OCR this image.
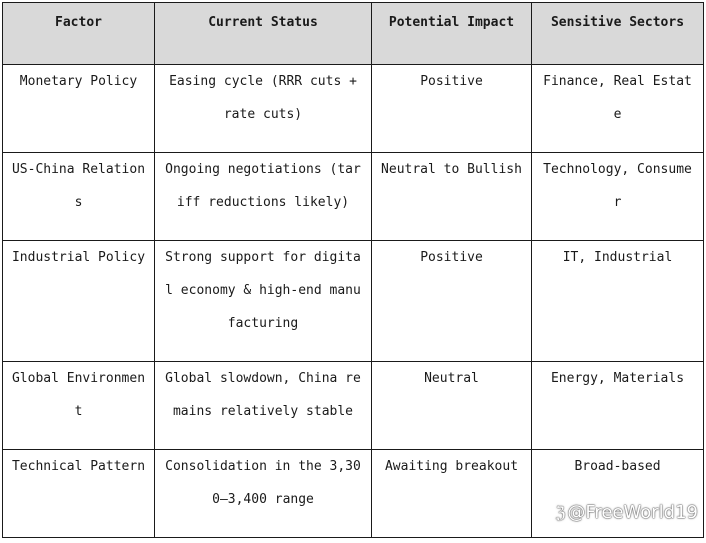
Factor	Current Status	Potential Impact	Sensitive Sectors
Monetary Policy	Easing cycle (RRR cuts + rate cuts)	Positive	Finance, Real Estate
US-China Relations	Ongoing negotiations (tariff reductions likely)	Neutral to Bullish	Technology, Consumer
Industrial Policy	Strong support for digital economy & high-end manufacturing	Positive	IT, Industrial
Global Environment	Global slowdown, China remains relatively stable	Neutral	Energy, Materials
Technical Pattern	Consolidation in the 3,300–3,400 range	Awaiting breakout	Broad-based
ℨ @FreeWorld19
